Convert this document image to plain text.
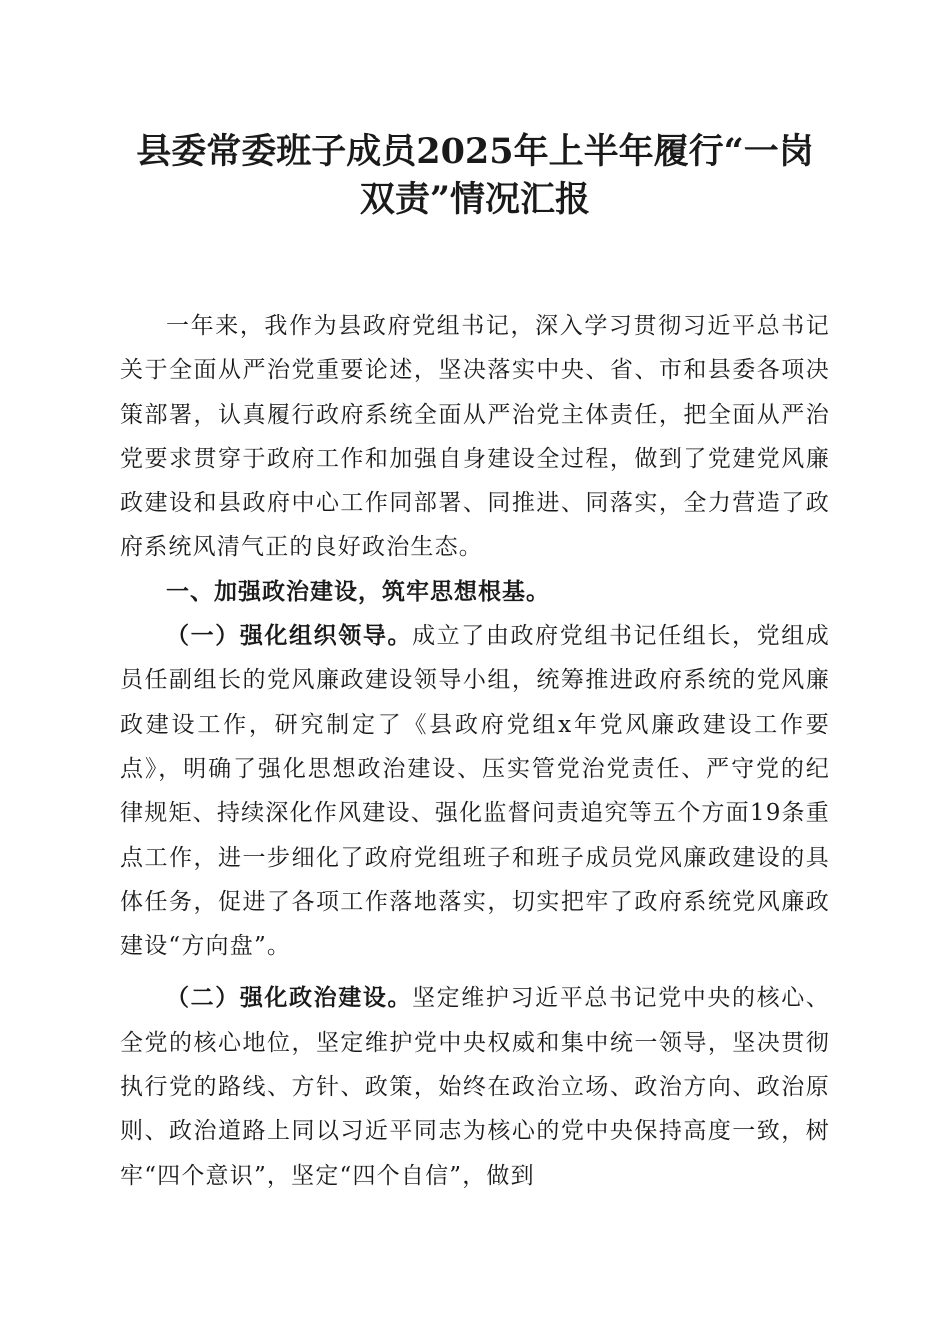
县委常委班子成员2025年上半年履行“一岗双责”情况汇报

一年来，我作为县政府党组书记，深入学习贯彻习近平总书记关于全面从严治党重要论述，坚决落实中央、省、市和县委各项决策部署，认真履行政府系统全面从严治党主体责任，把全面从严治党要求贯穿于政府工作和加强自身建设全过程，做到了党建党风廉政建设和县政府中心工作同部署、同推进、同落实，全力营造了政府系统风清气正的良好政治生态。

一、加强政治建设，筑牢思想根基。

（一）强化组织领导。成立了由政府党组书记任组长，党组成员任副组长的党风廉政建设领导小组，统筹推进政府系统的党风廉政建设工作，研究制定了《县政府党组x年党风廉政建设工作要点》，明确了强化思想政治建设、压实管党治党责任、严守党的纪律规矩、持续深化作风建设、强化监督问责追究等五个方面19条重点工作，进一步细化了政府党组班子和班子成员党风廉政建设的具体任务，促进了各项工作落地落实，切实把牢了政府系统党风廉政建设“方向盘”。

（二）强化政治建设。坚定维护习近平总书记党中央的核心、全党的核心地位，坚定维护党中央权威和集中统一领导，坚决贯彻执行党的路线、方针、政策，始终在政治立场、政治方向、政治原则、政治道路上同以习近平同志为核心的党中央保持高度一致，树牢“四个意识”，坚定“四个自信”，做到
